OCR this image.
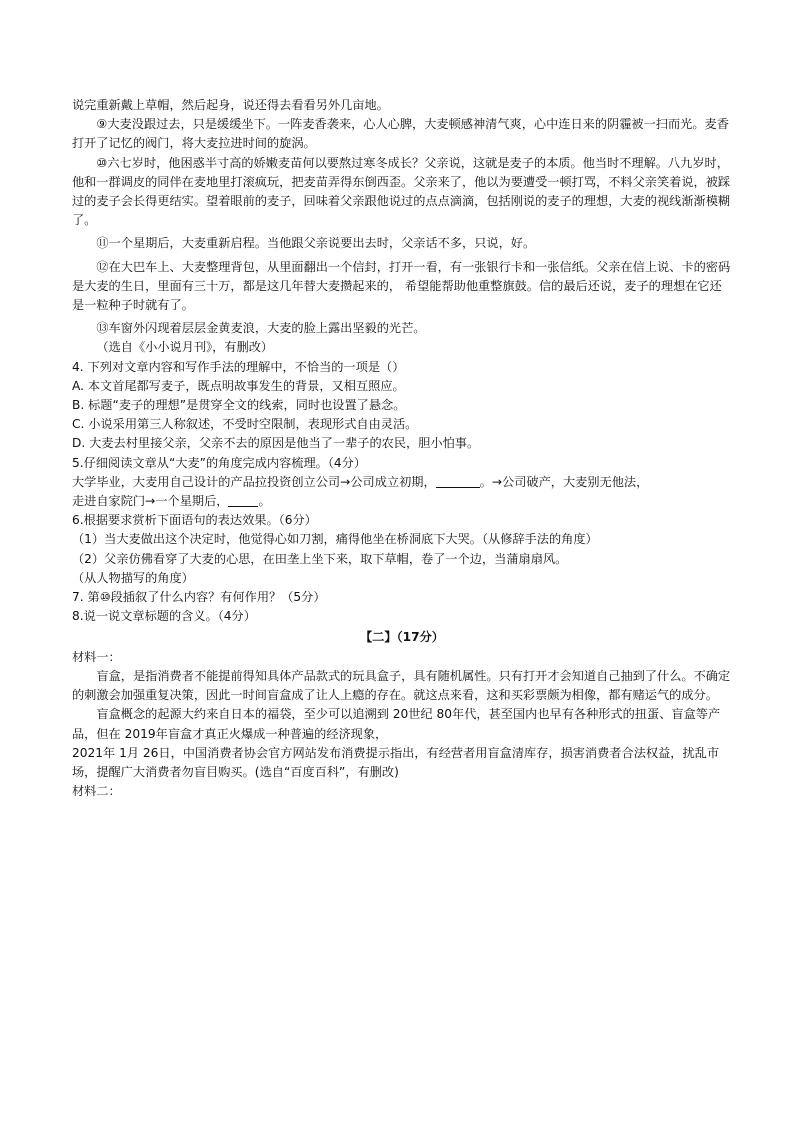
说完重新戴上草帽，然后起身，说还得去看看另外几亩地。

⑨大麦没跟过去，只是缓缓坐下。一阵麦香袭来，心人心脾，大麦顿感神清气爽，心中连日来的阴霾被一扫而光。麦香打开了记忆的阀门，将大麦拉进时间的旋涡。

⑩六七岁时，他困惑半寸高的娇嫩麦苗何以要熬过寒冬成长？父亲说，这就是麦子的本质。他当时不理解。八九岁时，他和一群调皮的同伴在麦地里打滚疯玩，把麦苗弄得东倒西歪。父亲来了，他以为要遭受一顿打骂，不料父亲笑着说，被踩过的麦子会长得更结实。望着眼前的麦子，回味着父亲跟他说过的点点滴滴，包括刚说的麦子的理想，大麦的视线渐渐模糊了。

⑪一个星期后，大麦重新启程。当他跟父亲说要出去时，父亲话不多，只说，好。

⑫在大巴车上、大麦整理背包，从里面翻出一个信封，打开一看，有一张银行卡和一张信纸。父亲在信上说、卡的密码是大麦的生日，里面有三十万，都是这几年替大麦攒起来的， 希望能帮助他重整旗鼓。信的最后还说，麦子的理想在它还是一粒种子时就有了。

⑬车窗外闪现着层层金黄麦浪，大麦的脸上露出坚毅的光芒。

（选自《小小说月刊》，有删改）

4. 下列对文章内容和写作手法的理解中，不恰当的一项是（）

A. 本文首尾都写麦子，既点明故事发生的背景，又相互照应。

B. 标题“麦子的理想”是贯穿全文的线索，同时也设置了悬念。

C. 小说采用第三人称叙述，不受时空限制，表现形式自由灵活。

D. 大麦去村里接父亲，父亲不去的原因是他当了一辈子的农民，胆小怕事。

5.仔细阅读文章从“大麦”的角度完成内容梳理。（4分）

大学毕业，大麦用自己设计的产品拉投资创立公司→公司成立初期，	。→公司破产，大麦别无他法，

走进自家院门→一个星期后， 。

6.根据要求赏析下面语句的表达效果。（6分）

（1）当大麦做出这个决定时，他觉得心如刀割，痛得他坐在桥洞底下大哭。（从修辞手法的角度）

（2）父亲仿佛看穿了大麦的心思，在田垄上坐下来，取下草帽，卷了一个边，当蒲扇扇风。

（从人物描写的角度）

7. 第⑩段插叙了什么内容？有何作用？（5分）

8.说一说文章标题的含义。（4分）

【二】（17分）

材料一：

盲盒，是指消费者不能提前得知具体产品款式的玩具盒子，具有随机属性。只有打开才会知道自己抽到了什么。不确定的刺激会加强重复决策，因此一时间盲盒成了让人上瘾的存在。就这点来看，这和买彩票颇为相像，都有赌运气的成分。

盲盒概念的起源大约来自日本的福袋，至少可以追溯到 20世纪 80年代，甚至国内也早有各种形式的扭蛋、盲盒等产品，但在 2019年盲盒才真正火爆成一种普遍的经济现象，

2021年 1月 26日，中国消费者协会官方网站发布消费提示指出，有经营者用盲盒清库存，损害消费者合法权益，扰乱市场，提醒广大消费者勿盲目购买。(选自“百度百科”，有删改)

材料二：
